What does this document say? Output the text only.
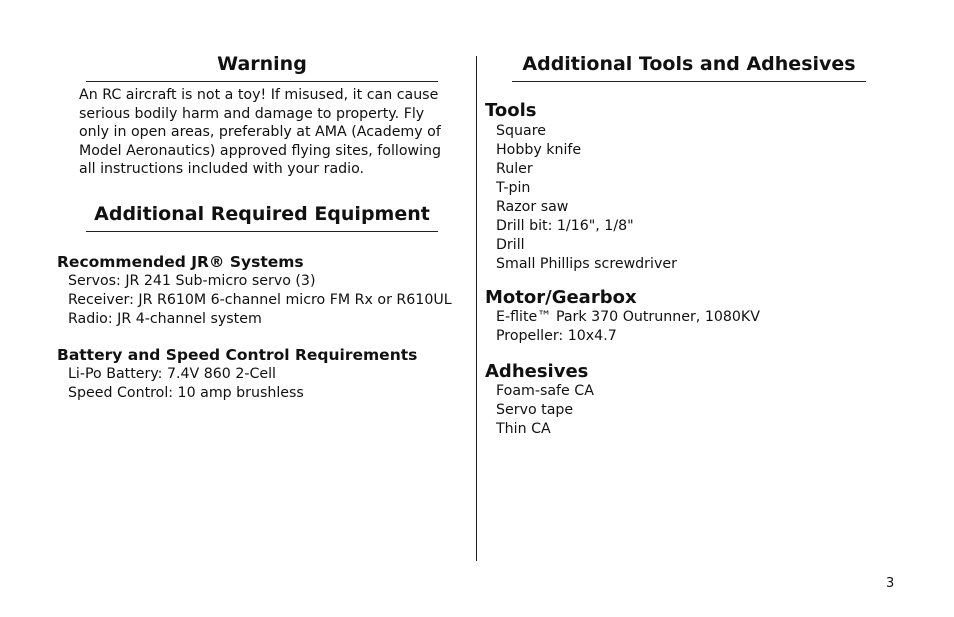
Warning

An RC aircraft is not a toy! If misused, it can cause serious bodily harm and damage to property. Fly only in open areas, preferably at AMA (Academy of Model Aeronautics) approved flying sites, following all instructions included with your radio.

Additional Required Equipment
Recommended JR® Systems
Servos: JR 241 Sub-micro servo (3)
Receiver: JR R610M 6-channel micro FM Rx or R610UL
Radio: JR 4-channel system
Battery and Speed Control Requirements
Li-Po Battery: 7.4V 860 2-Cell
Speed Control: 10 amp brushless
Additional Tools and Adhesives
Tools
Square
Hobby knife
Ruler
T-pin
Razor saw
Drill bit: 1/16", 1/8"
Drill
Small Phillips screwdriver
Motor/Gearbox
E-flite™ Park 370 Outrunner, 1080KV
Propeller: 10x4.7
Adhesives
Foam-safe CA
Servo tape
Thin CA
3
